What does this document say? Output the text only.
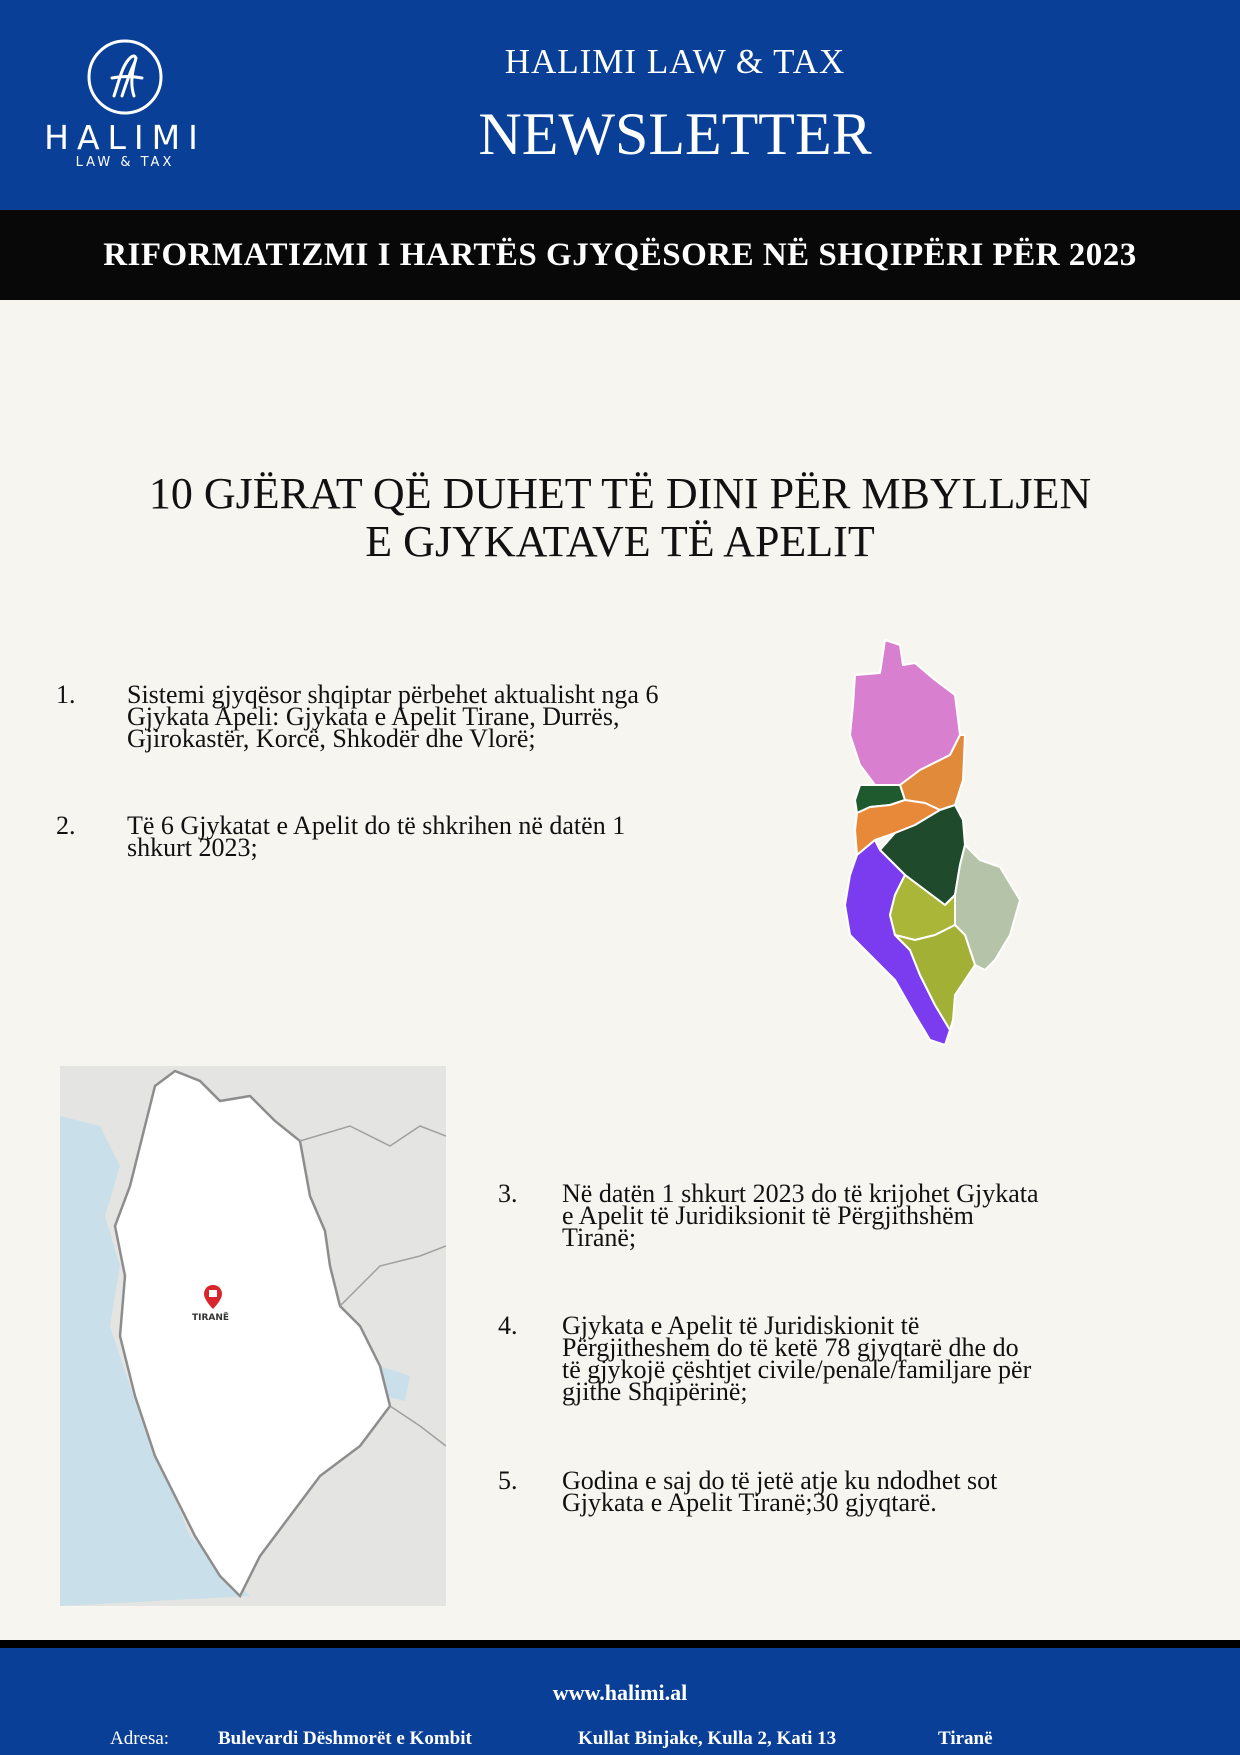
HALIMI
LAW & TAX
HALIMI LAW & TAX
NEWSLETTER
RIFORMATIZMI I HARTËS GJYQËSORE NË SHQIPËRI PËR 2023
10 GJËRAT QË DUHET TË DINI PËR MBYLLJEN
E GJYKATAVE TË APELIT
1. Sistemi gjyqësor shqiptar përbehet aktualisht nga 6
Gjykata Apeli: Gjykata e Apelit Tirane, Durrës,
Gjirokastër, Korcë, Shkodër dhe Vlorë;
2. Të 6 Gjykatat e Apelit do të shkrihen në datën 1
shkurt 2023;
3. Në datën 1 shkurt 2023 do të krijohet Gjykata
e Apelit të Juridiksionit të Përgjithshëm
Tiranë;
4. Gjykata e Apelit të Juridiskionit të
Përgjitheshem do të ketë 78 gjyqtarë dhe do
të gjykojë çështjet civile/penale/familjare për
gjithe Shqipërinë;
5. Godina e saj do të jetë atje ku ndodhet sot
Gjykata e Apelit Tiranë;30 gjyqtarë.
TIRANË
www.halimi.al
Adresa:	Bulevardi Dëshmorët e Kombit	Kullat Binjake, Kulla 2, Kati 13	Tiranë
